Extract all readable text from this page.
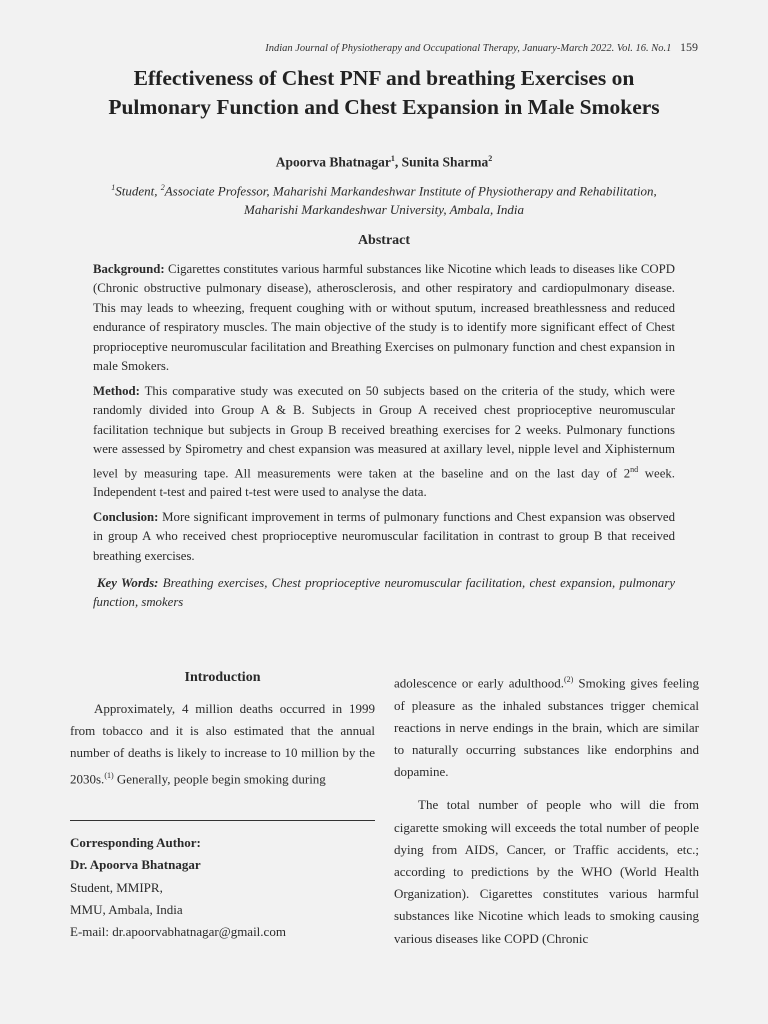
Indian Journal of Physiotherapy and Occupational Therapy, January-March 2022. Vol. 16. No.1 159
Effectiveness of Chest PNF and breathing Exercises on
Pulmonary Function and Chest Expansion in Male Smokers
Apoorva Bhatnagar$^1$, Sunita Sharma$^2$
$^1$Student, $^2$Associate Professor, Maharishi Markandeshwar Institute of Physiotherapy and Rehabilitation,
Maharishi Markandeshwar University, Ambala, India
Abstract

Background: Cigarettes constitutes various harmful substances like Nicotine which leads to diseases like COPD (Chronic obstructive pulmonary disease), atherosclerosis, and other respiratory and cardiopulmonary disease. This may leads to wheezing, frequent coughing with or without sputum, increased breathlessness and reduced endurance of respiratory muscles. The main objective of the study is to identify more significant effect of Chest proprioceptive neuromuscular facilitation and Breathing Exercises on pulmonary function and chest expansion in male Smokers.

Method: This comparative study was executed on 50 subjects based on the criteria of the study, which were randomly divided into Group A & B. Subjects in Group A received chest proprioceptive neuromuscular facilitation technique but subjects in Group B received breathing exercises for 2 weeks. Pulmonary functions were assessed by Spirometry and chest expansion was measured at axillary level, nipple level and Xiphisternum level by measuring tape. All measurements were taken at the baseline and on the last day of 2nd week. Independent t-test and paired t-test were used to analyse the data.

Conclusion: More significant improvement in terms of pulmonary functions and Chest expansion was observed in group A who received chest proprioceptive neuromuscular facilitation in contrast to group B that received breathing exercises.

Key Words: Breathing exercises, Chest proprioceptive neuromuscular facilitation, chest expansion, pulmonary function, smokers

Introduction

Approximately, 4 million deaths occurred in 1999 from tobacco and it is also estimated that the annual number of deaths is likely to increase to 10 million by the 2030s.$^{(1)}$ Generally, people begin smoking during

Corresponding Author:
Dr. Apoorva Bhatnagar
Student, MMIPR,
MMU, Ambala, India
E-mail: dr.apoorvabhatnagar@gmail.com

adolescence or early adulthood.$^{(2)}$ Smoking gives feeling of pleasure as the inhaled substances trigger chemical reactions in nerve endings in the brain, which are similar to naturally occurring substances like endorphins and dopamine.

The total number of people who will die from cigarette smoking will exceeds the total number of people dying from AIDS, Cancer, or Traffic accidents, etc.; according to predictions by the WHO (World Health Organization). Cigarettes constitutes various harmful substances like Nicotine which leads to smoking causing various diseases like COPD (Chronic
